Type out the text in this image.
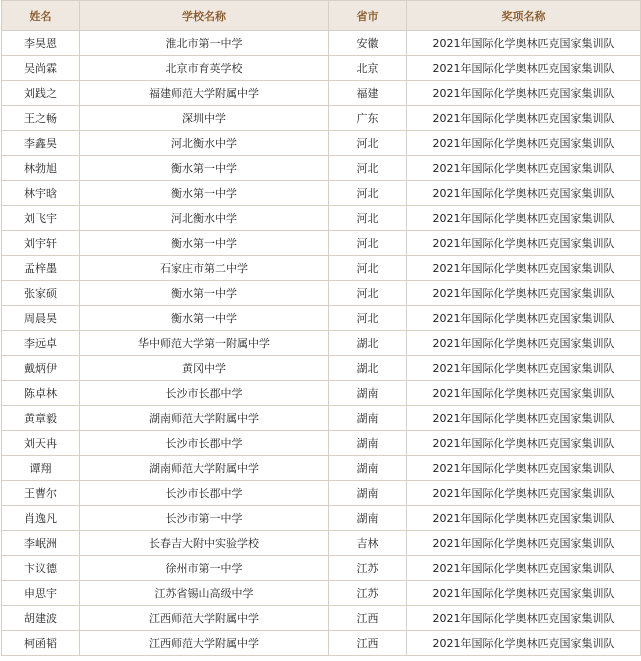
姓名	学校名称	省市	奖项名称
李昊恩	淮北市第一中学	安徽	2021年国际化学奥林匹克国家集训队
吴尚霖	北京市育英学校	北京	2021年国际化学奥林匹克国家集训队
刘践之	福建师范大学附属中学	福建	2021年国际化学奥林匹克国家集训队
王之畅	深圳中学	广东	2021年国际化学奥林匹克国家集训队
李鑫昊	河北衡水中学	河北	2021年国际化学奥林匹克国家集训队
林勃旭	衡水第一中学	河北	2021年国际化学奥林匹克国家集训队
林宇晗	衡水第一中学	河北	2021年国际化学奥林匹克国家集训队
刘飞宇	河北衡水中学	河北	2021年国际化学奥林匹克国家集训队
刘宇轩	衡水第一中学	河北	2021年国际化学奥林匹克国家集训队
孟梓墨	石家庄市第二中学	河北	2021年国际化学奥林匹克国家集训队
张家硕	衡水第一中学	河北	2021年国际化学奥林匹克国家集训队
周晨昊	衡水第一中学	河北	2021年国际化学奥林匹克国家集训队
李远卓	华中师范大学第一附属中学	湖北	2021年国际化学奥林匹克国家集训队
戴炳伊	黄冈中学	湖北	2021年国际化学奥林匹克国家集训队
陈卓林	长沙市长郡中学	湖南	2021年国际化学奥林匹克国家集训队
黄章毅	湖南师范大学附属中学	湖南	2021年国际化学奥林匹克国家集训队
刘天冉	长沙市长郡中学	湖南	2021年国际化学奥林匹克国家集训队
谭翔	湖南师范大学附属中学	湖南	2021年国际化学奥林匹克国家集训队
王曹尔	长沙市长郡中学	湖南	2021年国际化学奥林匹克国家集训队
肖逸凡	长沙市第一中学	湖南	2021年国际化学奥林匹克国家集训队
李岷洲	长春吉大附中实验学校	吉林	2021年国际化学奥林匹克国家集训队
卞议德	徐州市第一中学	江苏	2021年国际化学奥林匹克国家集训队
申思宇	江苏省锡山高级中学	江苏	2021年国际化学奥林匹克国家集训队
胡建波	江西师范大学附属中学	江西	2021年国际化学奥林匹克国家集训队
柯函韬	江西师范大学附属中学	江西	2021年国际化学奥林匹克国家集训队
